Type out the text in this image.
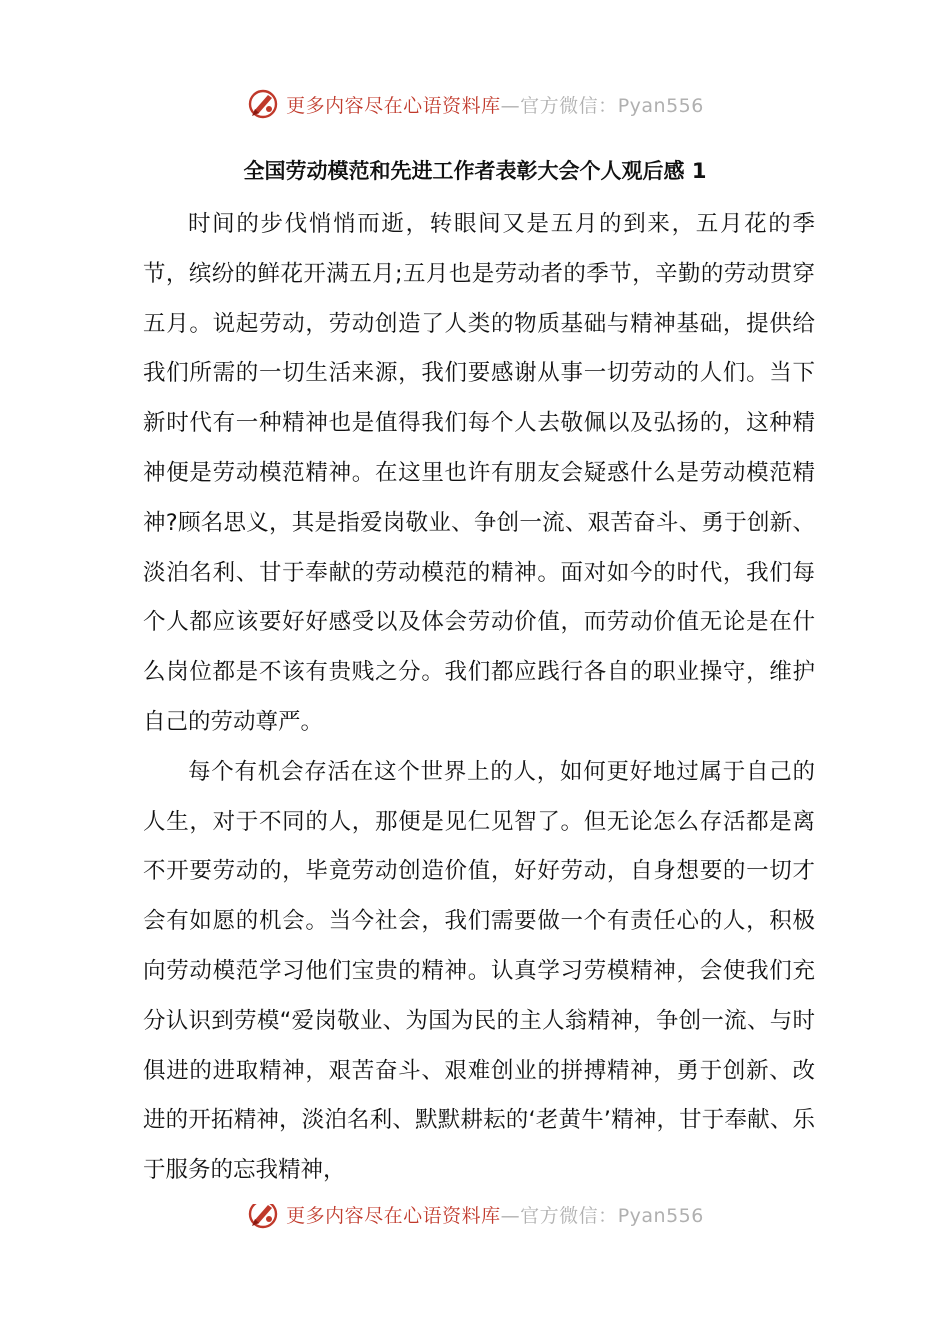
更多内容尽在心语资料库—官方微信：Pyan556
全国劳动模范和先进工作者表彰大会个人观后感 1

时间的步伐悄悄而逝，转眼间又是五月的到来，五月花的季节，缤纷的鲜花开满五月;五月也是劳动者的季节，辛勤的劳动贯穿五月。说起劳动，劳动创造了人类的物质基础与精神基础，提供给我们所需的一切生活来源，我们要感谢从事一切劳动的人们。当下新时代有一种精神也是值得我们每个人去敬佩以及弘扬的，这种精神便是劳动模范精神。在这里也许有朋友会疑惑什么是劳动模范精神?顾名思义，其是指爱岗敬业、争创一流、艰苦奋斗、勇于创新、淡泊名利、甘于奉献的劳动模范的精神。面对如今的时代，我们每个人都应该要好好感受以及体会劳动价值，而劳动价值无论是在什么岗位都是不该有贵贱之分。我们都应践行各自的职业操守，维护自己的劳动尊严。

每个有机会存活在这个世界上的人，如何更好地过属于自己的人生，对于不同的人，那便是见仁见智了。但无论怎么存活都是离不开要劳动的，毕竟劳动创造价值，好好劳动，自身想要的一切才会有如愿的机会。当今社会，我们需要做一个有责任心的人，积极向劳动模范学习他们宝贵的精神。认真学习劳模精神，会使我们充分认识到劳模“爱岗敬业、为国为民的主人翁精神，争创一流、与时俱进的进取精神，艰苦奋斗、艰难创业的拼搏精神，勇于创新、改进的开拓精神，淡泊名利、默默耕耘的‘老黄牛’精神，甘于奉献、乐于服务的忘我精神，

更多内容尽在心语资料库—官方微信：Pyan556
